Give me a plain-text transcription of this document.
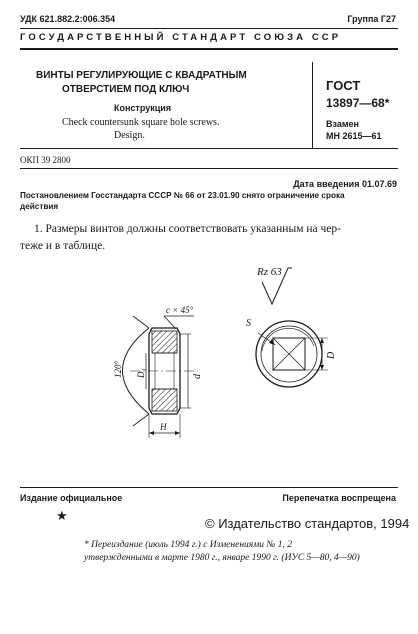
УДК 621.882.2:006.354	Группа Г27
ГОСУДАРСТВЕННЫЙ СТАНДАРТ СОЮЗА ССР
ВИНТЫ РЕГУЛИРУЮЩИЕ С КВАДРАТНЫМ
ОТВЕРСТИЕМ ПОД КЛЮЧ
Конструкция
Check countersunk square hole screws.
Design.
ГОСТ
13897—68*
Взамен
МН 2615—61
ОКП 39 2800
Дата введения 01.07.69
Постановлением Госстандарта СССР № 66 от 23.01.90 снято ограничение срока
действия
1. Размеры винтов должны соответствовать указанным на чер-
теже и в таблице.
Rz 63
c × 45°
120° D₁	d
H
S
D
Издание официальное	Перепечатка воспрещена
★
© Издательство стандартов, 1994
* Переиздание (июль 1994 г.) с Изменениями № 1, 2
утвержденными в марте 1980 г., январе 1990 г. (ИУС 5—80, 4—90)
